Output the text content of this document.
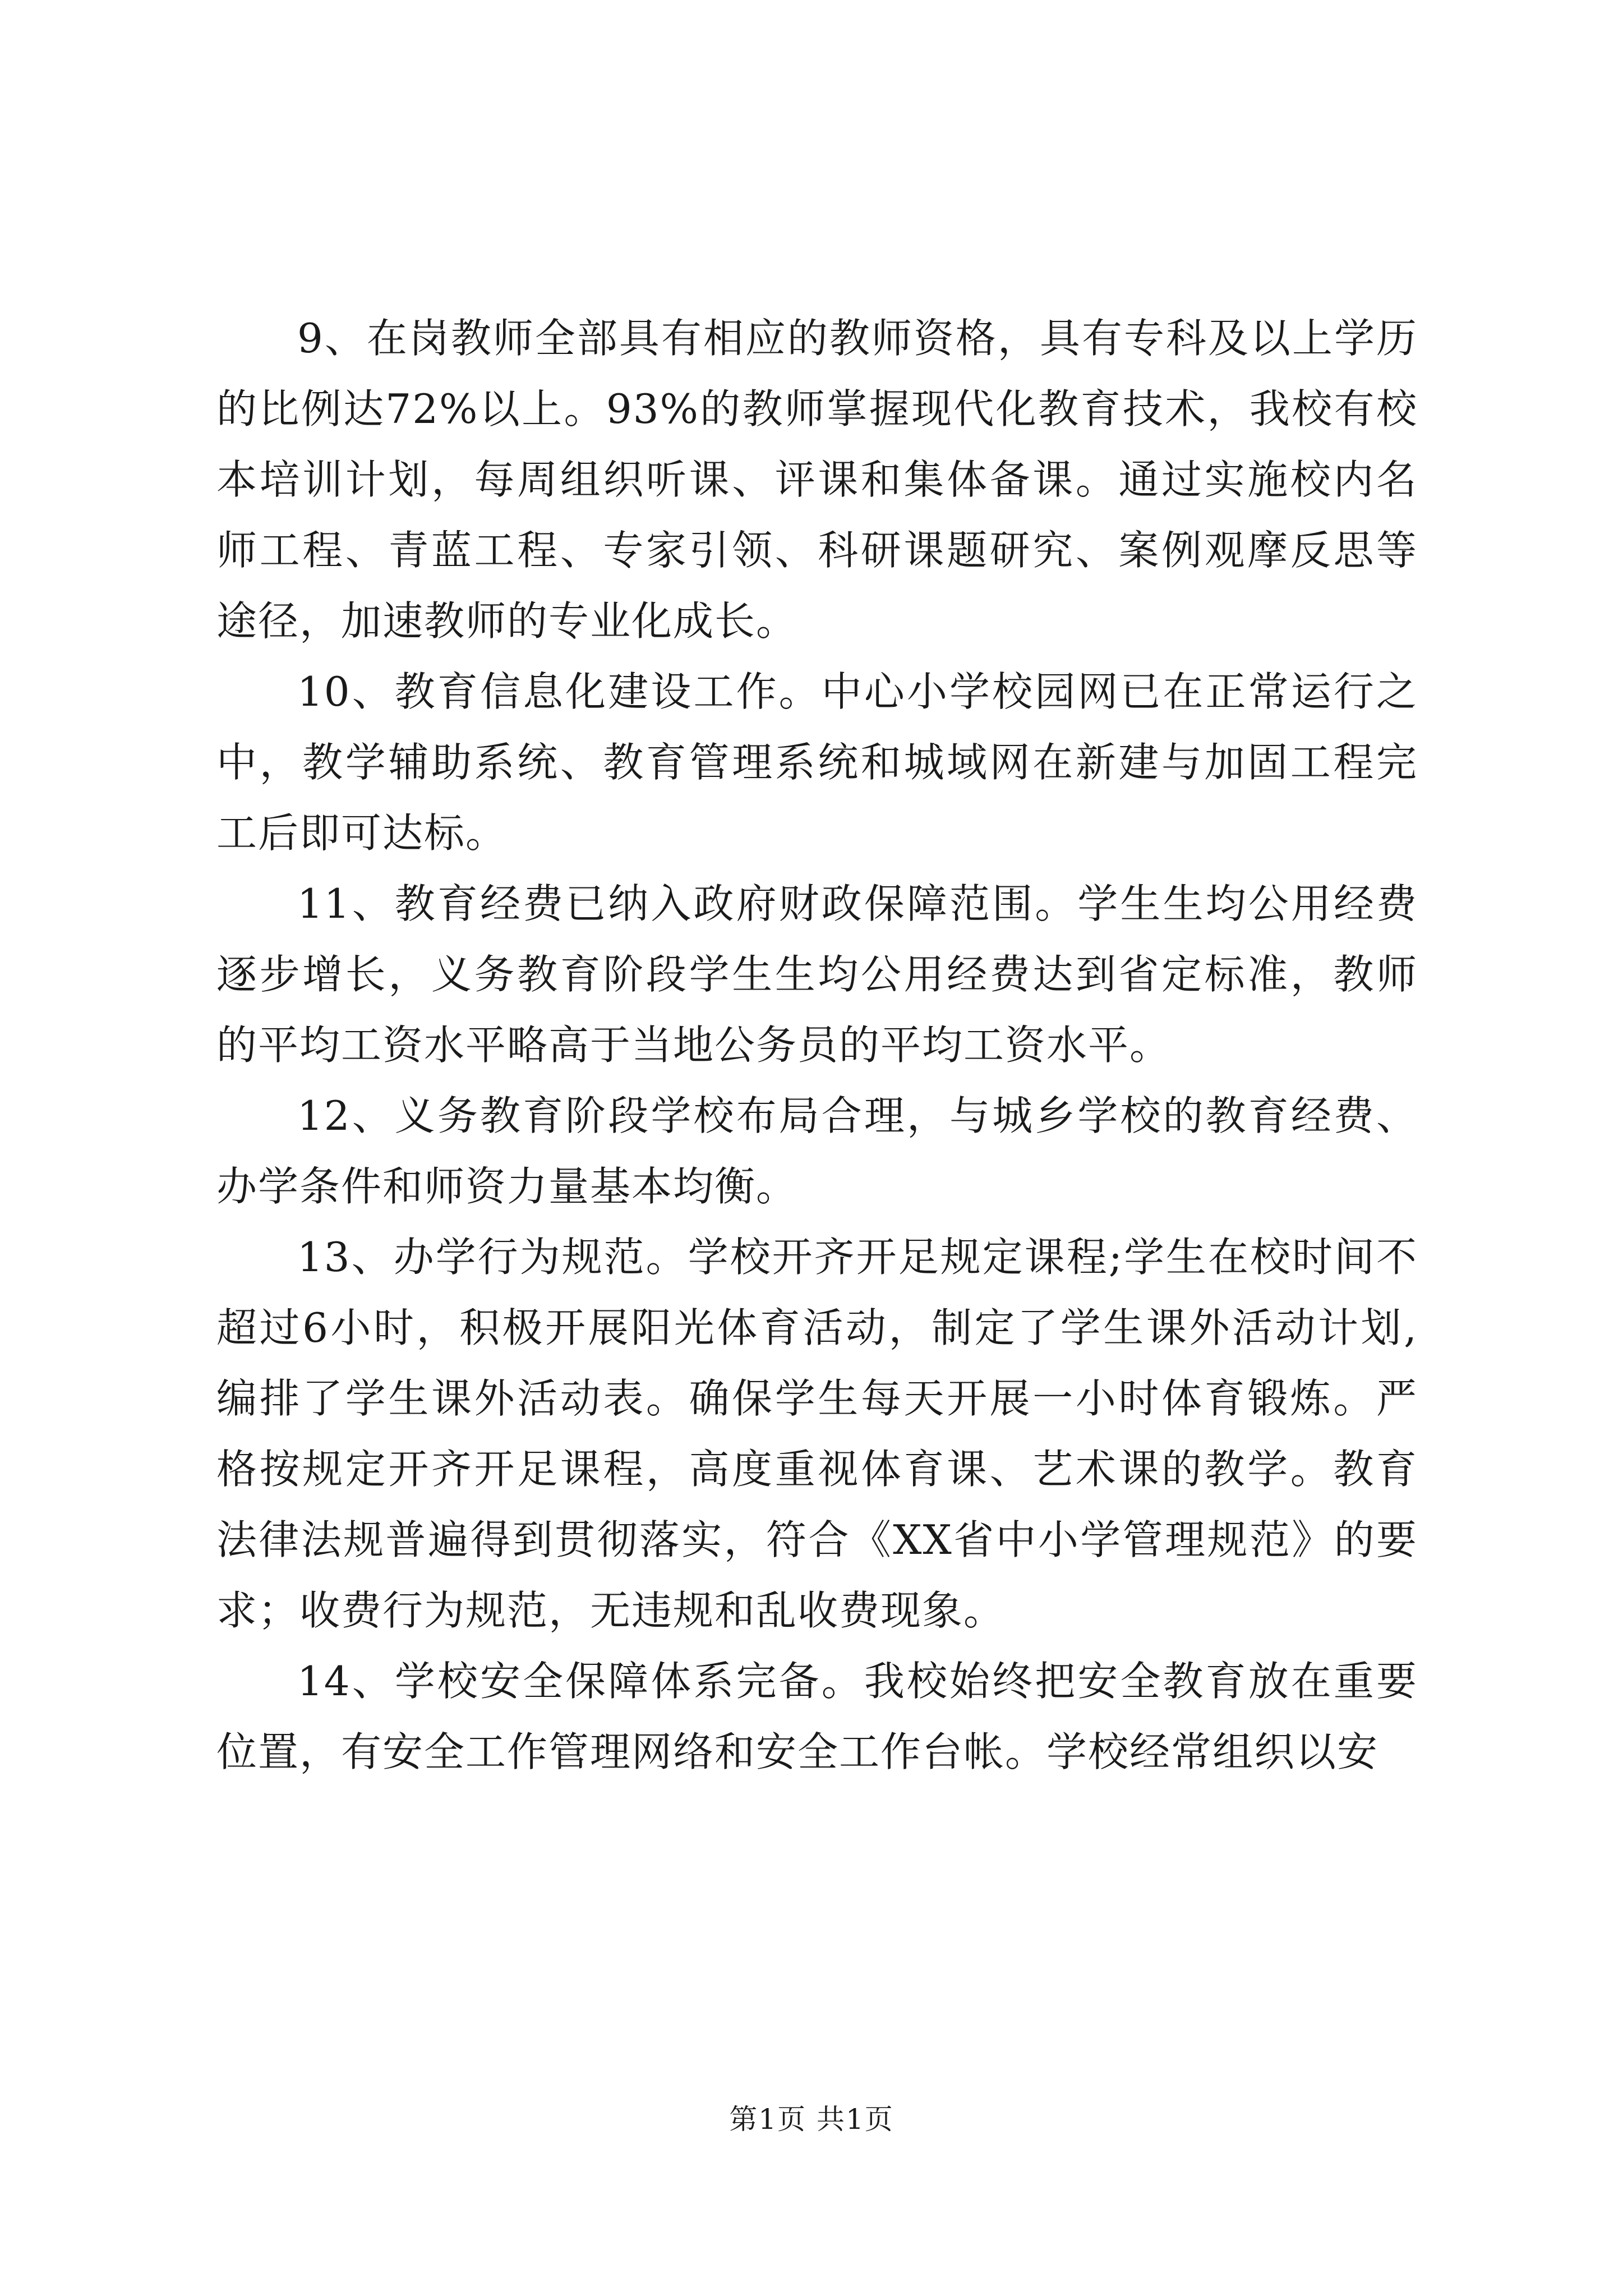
9、在岗教师全部具有相应的教师资格，具有专科及以上学历的比例达72%以上。93%的教师掌握现代化教育技术，我校有校本培训计划，每周组织听课、评课和集体备课。通过实施校内名师工程、青蓝工程、专家引领、科研课题研究、案例观摩反思等途径，加速教师的专业化成长。

10、教育信息化建设工作。中心小学校园网已在正常运行之中，教学辅助系统、教育管理系统和城域网在新建与加固工程完工后即可达标。

11、教育经费已纳入政府财政保障范围。学生生均公用经费逐步增长，义务教育阶段学生生均公用经费达到省定标准，教师的平均工资水平略高于当地公务员的平均工资水平。

12、义务教育阶段学校布局合理，与城乡学校的教育经费、办学条件和师资力量基本均衡。

13、办学行为规范。学校开齐开足规定课程;学生在校时间不超过6小时，积极开展阳光体育活动，制定了学生课外活动计划,编排了学生课外活动表。确保学生每天开展一小时体育锻炼。严格按规定开齐开足课程，高度重视体育课、艺术课的教学。教育法律法规普遍得到贯彻落实，符合《XX省中小学管理规范》的要求；收费行为规范，无违规和乱收费现象。

14、学校安全保障体系完备。我校始终把安全教育放在重要位置，有安全工作管理网络和安全工作台帐。学校经常组织以安

第1页 共1页
